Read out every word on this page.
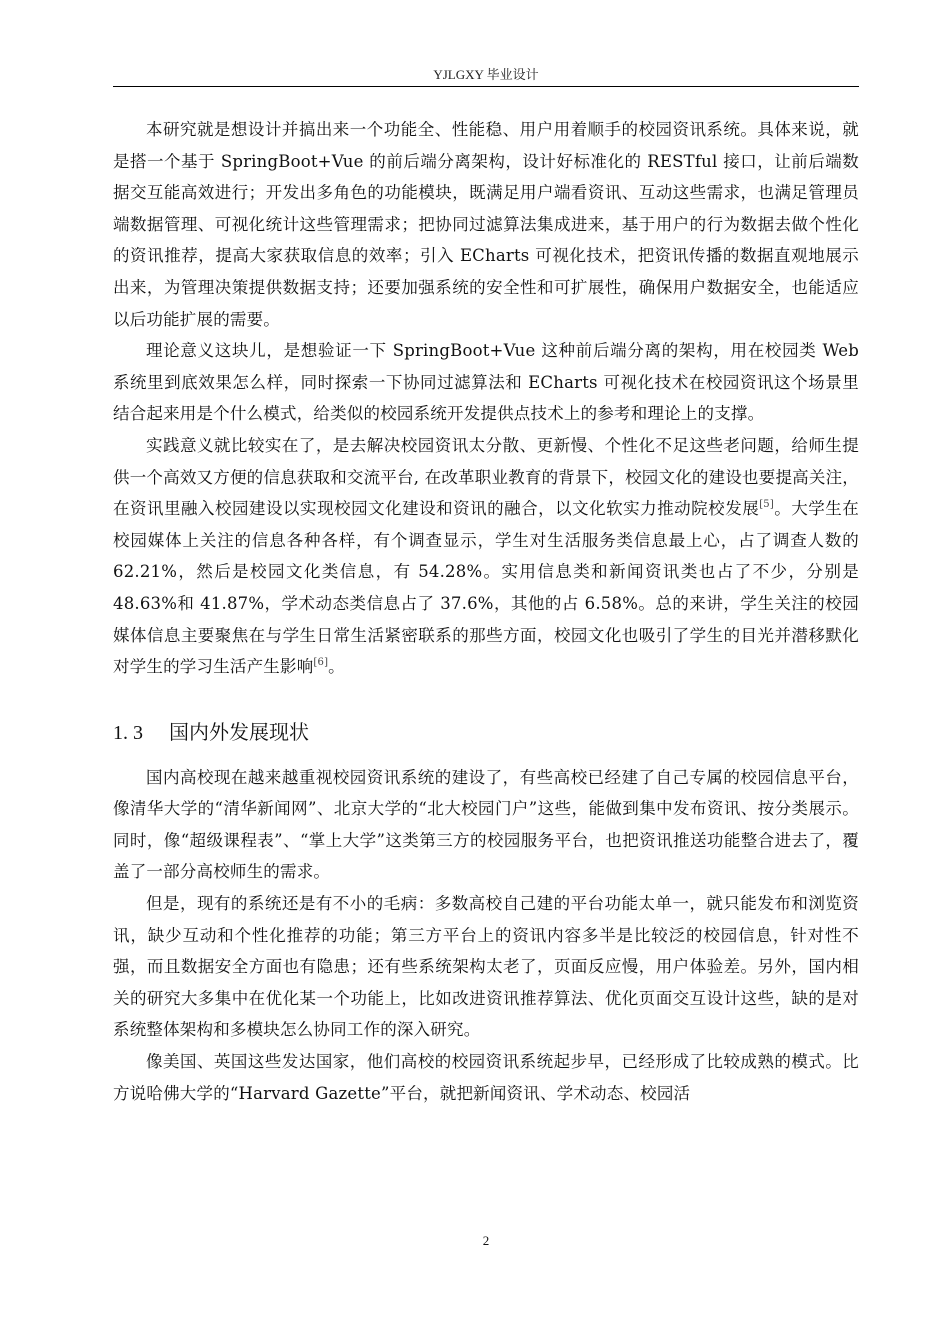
YJLGXY 毕业设计

本研究就是想设计并搞出来一个功能全、性能稳、用户用着顺手的校园资讯系统。具体来说，就是搭一个基于 SpringBoot+Vue 的前后端分离架构，设计好标准化的 RESTful 接口，让前后端数据交互能高效进行；开发出多角色的功能模块，既满足用户端看资讯、互动这些需求，也满足管理员端数据管理、可视化统计这些管理需求；把协同过滤算法集成进来，基于用户的行为数据去做个性化的资讯推荐，提高大家获取信息的效率；引入 ECharts 可视化技术，把资讯传播的数据直观地展示出来，为管理决策提供数据支持；还要加强系统的安全性和可扩展性，确保用户数据安全，也能适应以后功能扩展的需要。

理论意义这块儿，是想验证一下 SpringBoot+Vue 这种前后端分离的架构，用在校园类 Web 系统里到底效果怎么样，同时探索一下协同过滤算法和 ECharts 可视化技术在校园资讯这个场景里结合起来用是个什么模式，给类似的校园系统开发提供点技术上的参考和理论上的支撑。

实践意义就比较实在了，是去解决校园资讯太分散、更新慢、个性化不足这些老问题，给师生提供一个高效又方便的信息获取和交流平台, 在改革职业教育的背景下，校园文化的建设也要提高关注，在资讯里融入校园建设以实现校园文化建设和资讯的融合，以文化软实力推动院校发展[5]。大学生在校园媒体上关注的信息各种各样，有个调查显示，学生对生活服务类信息最上心，占了调查人数的 62.21%，然后是校园文化类信息，有 54.28%。实用信息类和新闻资讯类也占了不少，分别是 48.63%和 41.87%，学术动态类信息占了 37.6%，其他的占 6.58%。总的来讲，学生关注的校园媒体信息主要聚焦在与学生日常生活紧密联系的那些方面，校园文化也吸引了学生的目光并潜移默化对学生的学习生活产生影响[6]。

1. 3 国内外发展现状

国内高校现在越来越重视校园资讯系统的建设了，有些高校已经建了自己专属的校园信息平台，像清华大学的“清华新闻网”、北京大学的“北大校园门户”这些，能做到集中发布资讯、按分类展示。同时，像“超级课程表”、“掌上大学”这类第三方的校园服务平台，也把资讯推送功能整合进去了，覆盖了一部分高校师生的需求。

但是，现有的系统还是有不小的毛病：多数高校自己建的平台功能太单一，就只能发布和浏览资讯，缺少互动和个性化推荐的功能；第三方平台上的资讯内容多半是比较泛的校园信息，针对性不强，而且数据安全方面也有隐患；还有些系统架构太老了，页面反应慢，用户体验差。另外，国内相关的研究大多集中在优化某一个功能上，比如改进资讯推荐算法、优化页面交互设计这些，缺的是对系统整体架构和多模块怎么协同工作的深入研究。

像美国、英国这些发达国家，他们高校的校园资讯系统起步早，已经形成了比较成熟的模式。比方说哈佛大学的“Harvard Gazette”平台，就把新闻资讯、学术动态、校园活

2
